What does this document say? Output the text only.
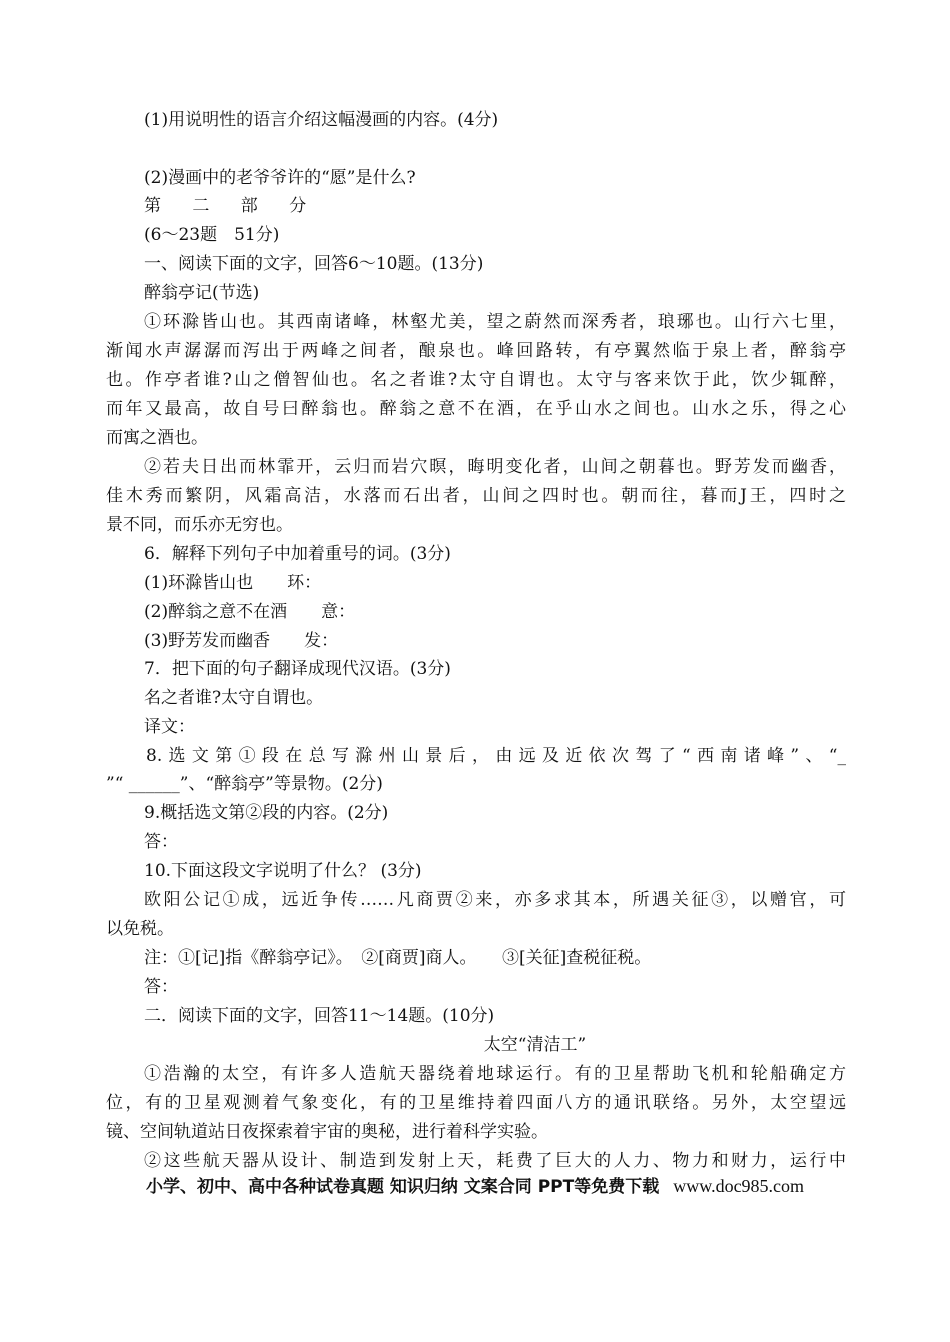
(1)用说明性的语言介绍这幅漫画的内容。(4分)
(2)漫画中的老爷爷许的“愿”是什么?
第 二 部 分
(6～23题　51分)
一、阅读下面的文字，回答6～10题。(13分)
醉翁亭记(节选)
①环滁皆山也。其西南诸峰，林壑尤美，望之蔚然而深秀者，琅琊也。山行六七里，
渐闻水声潺潺而泻出于两峰之间者，酿泉也。峰回路转，有亭翼然临于泉上者，醉翁亭
也。作亭者谁?山之僧智仙也。名之者谁?太守自谓也。太守与客来饮于此，饮少辄醉，
而年又最高，故自号曰醉翁也。醉翁之意不在酒，在乎山水之间也。山水之乐，得之心
而寓之酒也。
②若夫日出而林霏开，云归而岩穴暝，晦明变化者，山间之朝暮也。野芳发而幽香，
佳木秀而繁阴，风霜高洁，水落而石出者，山间之四时也。朝而往，暮而J王，四时之
景不同，而乐亦无穷也。
6．解释下列句子中加着重号的词。(3分)
(1)环滁皆山也　　环：
(2)醉翁之意不在酒　　意：
(3)野芳发而幽香　　发：
7．把下面的句子翻译成现代汉语。(3分)
名之者谁?太守自谓也。
译文：
8.选文第①段在总写滁州山景后，由远及近依次驾了“西南诸峰”、“_
”“ ______”、“醉翁亭”等景物。(2分)
9.概括选文第②段的内容。(2分)
答：
10.下面这段文字说明了什么？ (3分)
欧阳公记①成，远近争传……凡商贾②来，亦多求其本，所遇关征③，以赠官，可
以免税。
注：①[记]指《醉翁亭记》。　②[商贾]商人。　　③[关征]查税征税。
答：
二．阅读下面的文字，回答11～14题。(10分)
太空“清洁工”
①浩瀚的太空，有许多人造航天器绕着地球运行。有的卫星帮助飞机和轮船确定方
位，有的卫星观测着气象变化，有的卫星维持着四面八方的通讯联络。另外，太空望远
镜、空间轨道站日夜探索着宇宙的奥秘，进行着科学实验。
②这些航天器从设计、制造到发射上天，耗费了巨大的人力、物力和财力，运行中
小学、初中、高中各种试卷真题 知识归纳 文案合同 PPT等免费下载 www.doc985.com
